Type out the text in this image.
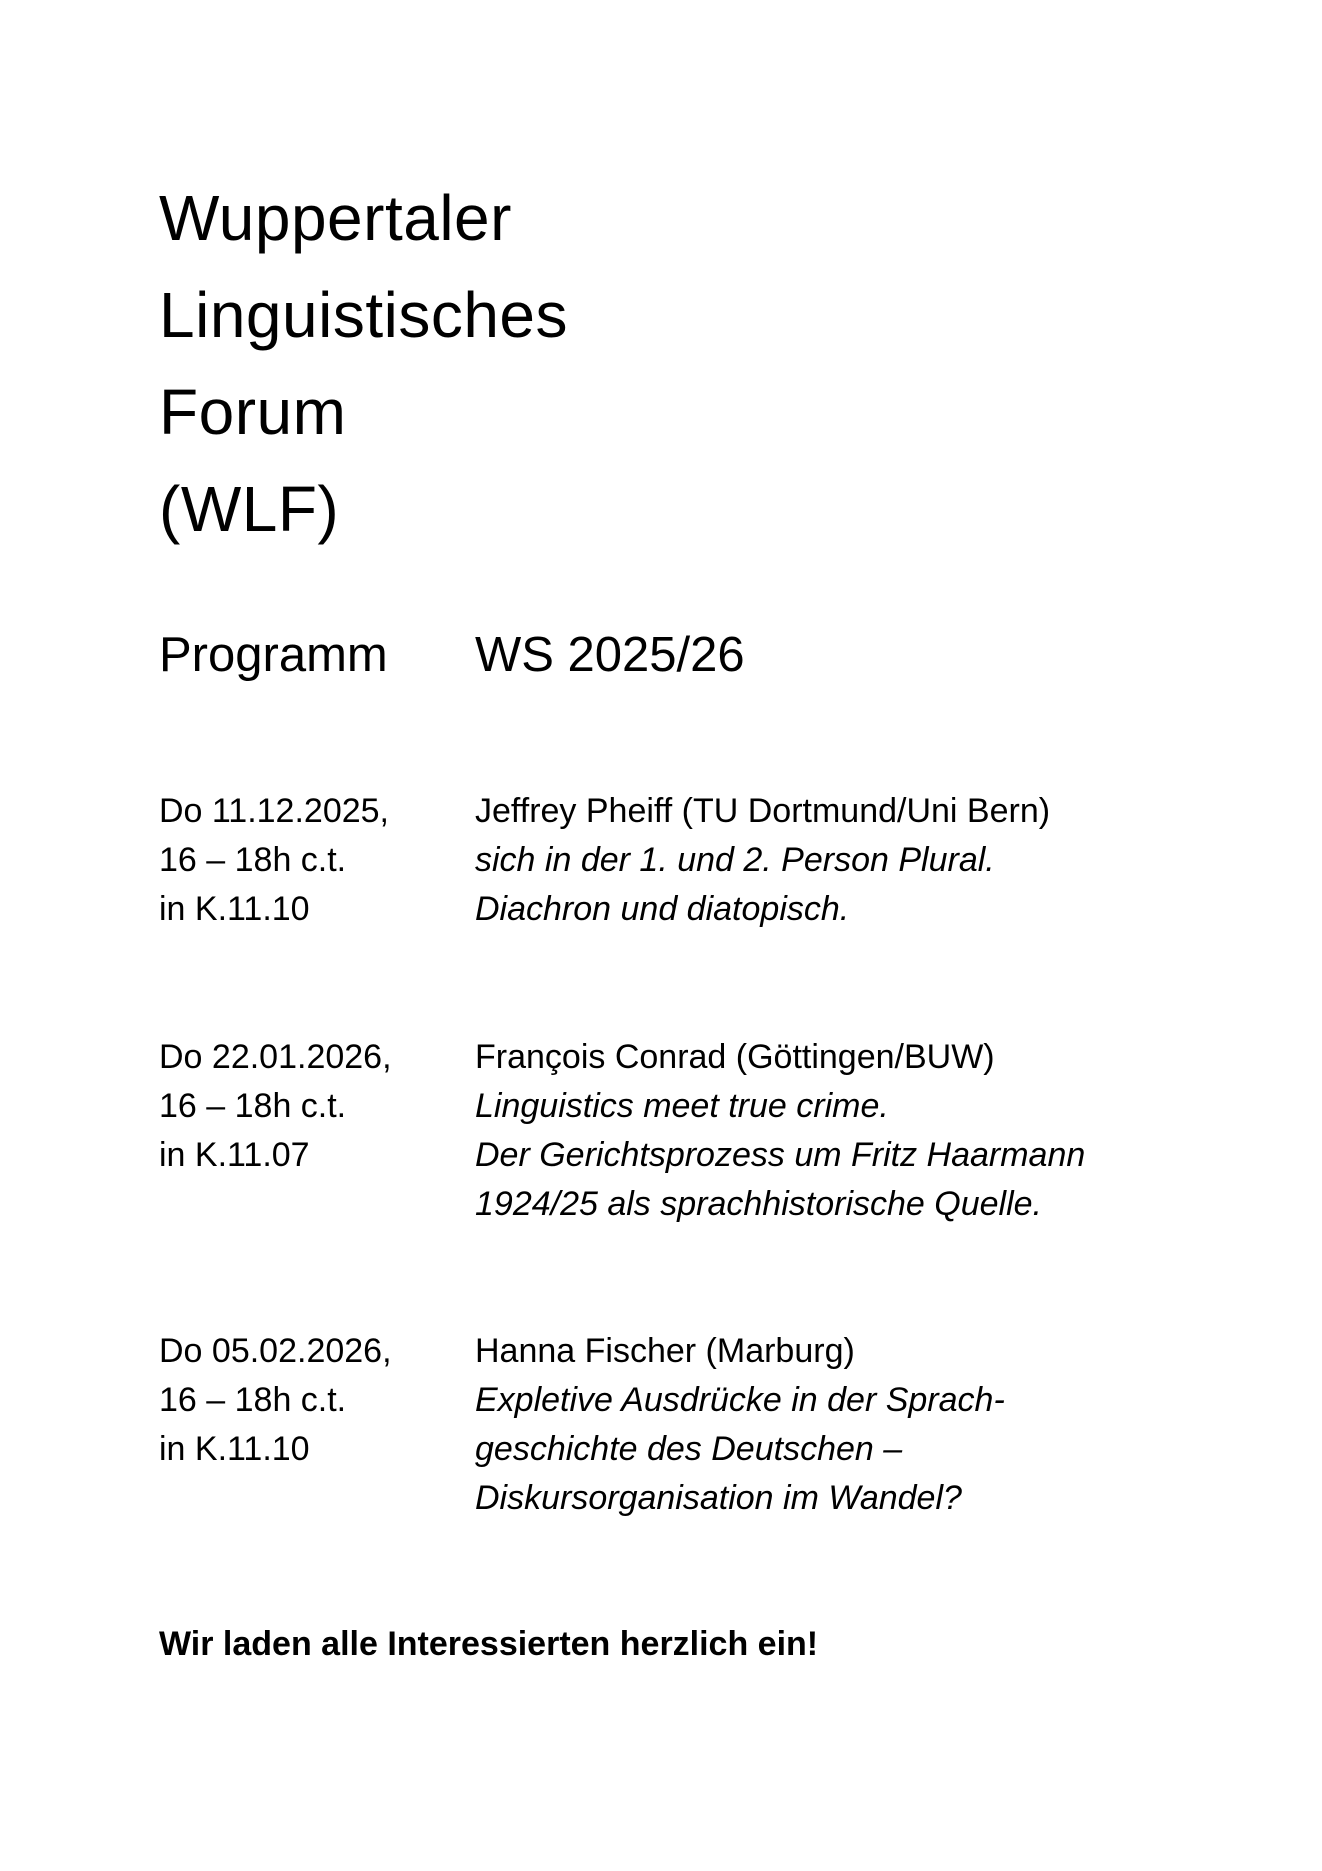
Wuppertaler
Linguistisches
Forum
(WLF)
Programm WS 2025/26
Do 11.12.2025,
16 – 18h c.t.
in K.11.10
Jeffrey Pheiff (TU Dortmund/Uni Bern)
sich in der 1. und 2. Person Plural.
Diachron und diatopisch.
Do 22.01.2026,
16 – 18h c.t.
in K.11.07
François Conrad (Göttingen/BUW)
Linguistics meet true crime.
Der Gerichtsprozess um Fritz Haarmann
1924/25 als sprachhistorische Quelle.
Do 05.02.2026,
16 – 18h c.t.
in K.11.10
Hanna Fischer (Marburg)
Expletive Ausdrücke in der Sprach-
geschichte des Deutschen –
Diskursorganisation im Wandel?

Wir laden alle Interessierten herzlich ein!
